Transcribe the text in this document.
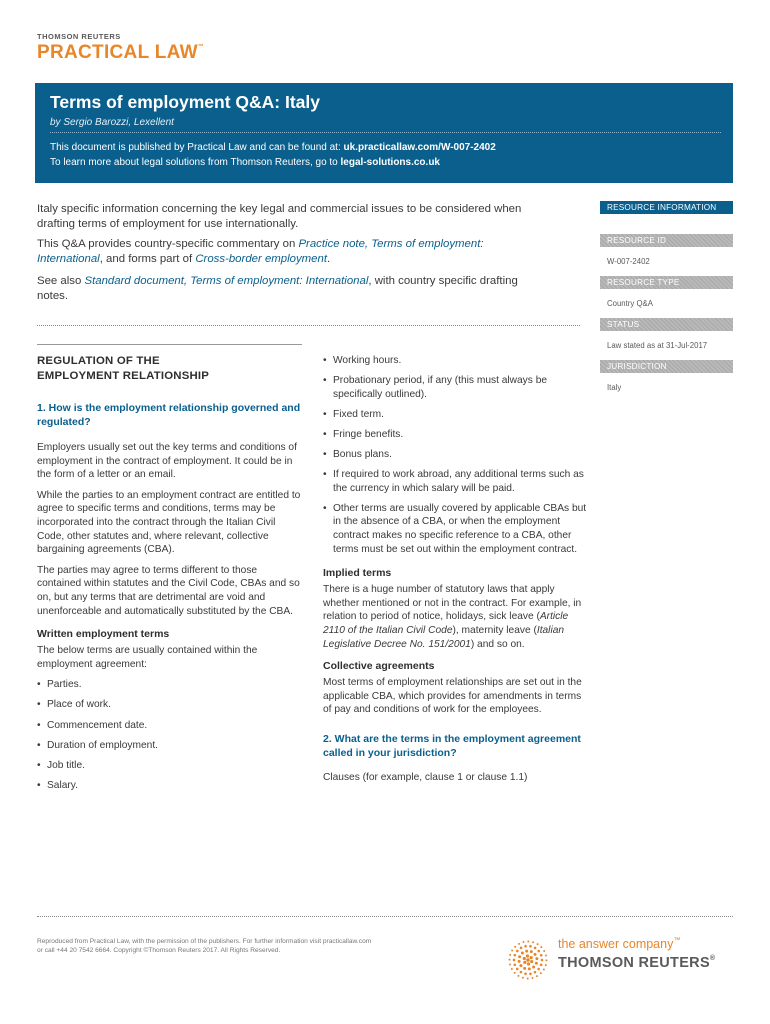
THOMSON REUTERS
PRACTICAL LAW™
Terms of employment Q&A: Italy
by Sergio Barozzi, Lexellent
This document is published by Practical Law and can be found at: uk.practicallaw.com/W-007-2402
To learn more about legal solutions from Thomson Reuters, go to legal-solutions.co.uk
Italy specific information concerning the key legal and commercial issues to be considered when drafting terms of employment for use internationally.
This Q&A provides country-specific commentary on Practice note, Terms of employment: International, and forms part of Cross-border employment.
See also Standard document, Terms of employment: International, with country specific drafting notes.
RESOURCE INFORMATION
RESOURCE ID
W-007-2402
RESOURCE TYPE
Country Q&A
STATUS
Law stated as at 31-Jul-2017
JURISDICTION
Italy
REGULATION OF THE
EMPLOYMENT RELATIONSHIP
1. How is the employment relationship governed and regulated?
Employers usually set out the key terms and conditions of employment in the contract of employment. It could be in the form of a letter or an email.
While the parties to an employment contract are entitled to agree to specific terms and conditions, terms may be incorporated into the contract through the Italian Civil Code, other statutes and, where relevant, collective bargaining agreements (CBA).
The parties may agree to terms different to those contained within statutes and the Civil Code, CBAs and so on, but any terms that are detrimental are void and unenforceable and automatically substituted by the CBA.
Written employment terms
The below terms are usually contained within the employment agreement:
• Parties.
• Place of work.
• Commencement date.
• Duration of employment.
• Job title.
• Salary.
• Working hours.
• Probationary period, if any (this must always be specifically outlined).
• Fixed term.
• Fringe benefits.
• Bonus plans.
• If required to work abroad, any additional terms such as the currency in which salary will be paid.
• Other terms are usually covered by applicable CBAs but in the absence of a CBA, or when the employment contract makes no specific reference to a CBA, other terms must be set out within the employment contract.
Implied terms
There is a huge number of statutory laws that apply whether mentioned or not in the contract. For example, in relation to period of notice, holidays, sick leave (Article 2110 of the Italian Civil Code), maternity leave (Italian Legislative Decree No. 151/2001) and so on.
Collective agreements
Most terms of employment relationships are set out in the applicable CBA, which provides for amendments in terms of pay and conditions of work for the employees.
2. What are the terms in the employment agreement called in your jurisdiction?
Clauses (for example, clause 1 or clause 1.1)
Reproduced from Practical Law, with the permission of the publishers. For further information visit practicallaw.com
or call +44 20 7542 6664. Copyright ©Thomson Reuters 2017. All Rights Reserved.	the answer company™
THOMSON REUTERS®
